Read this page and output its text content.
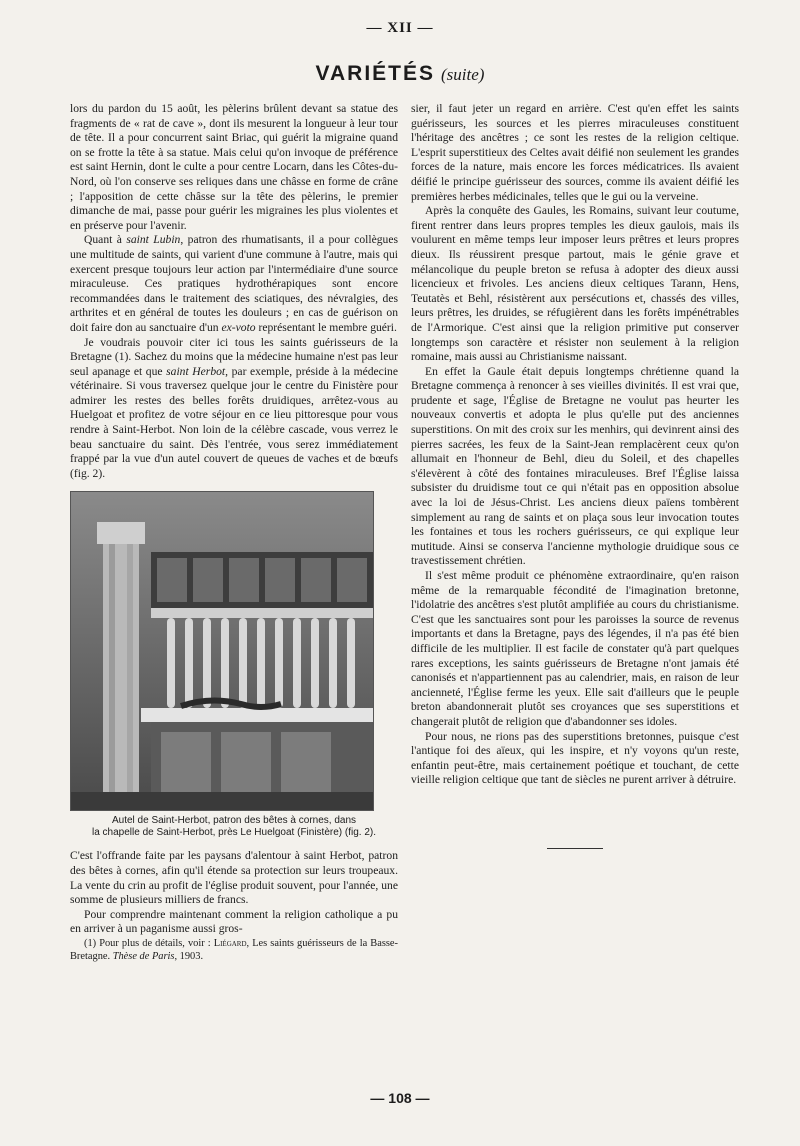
— XII —
VARIÉTÉS (suite)

lors du pardon du 15 août, les pèlerins brûlent devant sa statue des fragments de « rat de cave », dont ils mesurent la longueur à leur tour de tête. Il a pour concurrent saint Briac, qui guérit la migraine quand on se frotte la tête à sa statue. Mais celui qu'on invoque de préférence est saint Hernin, dont le culte a pour centre Locarn, dans les Côtes-du-Nord, où l'on conserve ses reliques dans une châsse en forme de crâne ; l'apposition de cette châsse sur la tête des pèlerins, le premier dimanche de mai, passe pour guérir les migraines les plus violentes et en préserve pour l'avenir.

Quant à saint Lubin, patron des rhumatisants, il a pour collègues une multitude de saints, qui varient d'une commune à l'autre, mais qui exercent presque toujours leur action par l'intermédiaire d'une source miraculeuse. Ces pratiques hydrothérapiques sont encore recommandées dans le traitement des sciatiques, des névralgies, des arthrites et en général de toutes les douleurs ; en cas de guérison on doit faire don au sanctuaire d'un ex-voto représentant le membre guéri.

Je voudrais pouvoir citer ici tous les saints guérisseurs de la Bretagne (1). Sachez du moins que la médecine humaine n'est pas leur seul apanage et que saint Herbot, par exemple, préside à la médecine vétérinaire. Si vous traversez quelque jour le centre du Finistère pour admirer les restes des belles forêts druidiques, arrêtez-vous au Huelgoat et profitez de votre séjour en ce lieu pittoresque pour vous rendre à Saint-Herbot. Non loin de la célèbre cascade, vous verrez le beau sanctuaire du saint. Dès l'entrée, vous serez immédiatement frappé par la vue d'un autel couvert de queues de vaches et de bœufs (fig. 2).

Autel de Saint-Herbot, patron des bêtes à cornes, dans
la chapelle de Saint-Herbot, près Le Huelgoat (Finistère) (fig. 2).

C'est l'offrande faite par les paysans d'alentour à saint Herbot, patron des bêtes à cornes, afin qu'il étende sa protection sur leurs troupeaux. La vente du crin au profit de l'église produit souvent, pour l'année, une somme de plusieurs milliers de francs.

Pour comprendre maintenant comment la religion catholique a pu en arriver à un paganisme aussi gros-

(1) Pour plus de détails, voir : Liégard, Les saints guérisseurs de la Basse-Bretagne. Thèse de Paris, 1903.

sier, il faut jeter un regard en arrière. C'est qu'en effet les saints guérisseurs, les sources et les pierres miraculeuses constituent l'héritage des ancêtres ; ce sont les restes de la religion celtique. L'esprit superstitieux des Celtes avait déifié non seulement les grandes forces de la nature, mais encore les forces médicatrices. Ils avaient déifié le principe guérisseur des sources, comme ils avaient déifié les premières herbes médicinales, telles que le gui ou la verveine.

Après la conquête des Gaules, les Romains, suivant leur coutume, firent rentrer dans leurs propres temples les dieux gaulois, mais ils voulurent en même temps leur imposer leurs prêtres et leurs propres dieux. Ils réussirent presque partout, mais le génie grave et mélancolique du peuple breton se refusa à adopter des dieux aussi licencieux et frivoles. Les anciens dieux celtiques Tarann, Hens, Teutatès et Behl, résistèrent aux persécutions et, chassés des villes, leurs prêtres, les druides, se réfugièrent dans les forêts impénétrables de l'Armorique. C'est ainsi que la religion primitive put conserver longtemps son caractère et résister non seulement à la religion romaine, mais aussi au Christianisme naissant.

En effet la Gaule était depuis longtemps chrétienne quand la Bretagne commença à renoncer à ses vieilles divinités. Il est vrai que, prudente et sage, l'Église de Bretagne ne voulut pas heurter les nouveaux convertis et adopta le plus qu'elle put des anciennes superstitions. On mit des croix sur les menhirs, qui devinrent ainsi des pierres sacrées, les feux de la Saint-Jean remplacèrent ceux qu'on allumait en l'honneur de Behl, dieu du Soleil, et des chapelles s'élevèrent à côté des fontaines miraculeuses. Bref l'Église laissa subsister du druidisme tout ce qui n'était pas en opposition absolue avec la loi de Jésus-Christ. Les anciens dieux païens tombèrent simplement au rang de saints et on plaça sous leur invocation toutes les fontaines et tous les rochers guérisseurs, ce qui explique leur mutitude. Ainsi se conserva l'ancienne mythologie druidique sous ce travestissement chrétien.

Il s'est même produit ce phénomène extraordinaire, qu'en raison même de la remarquable fécondité de l'imagination bretonne, l'idolatrie des ancêtres s'est plutôt amplifiée au cours du christianisme. C'est que les sanctuaires sont pour les paroisses la source de revenus importants et dans la Bretagne, pays des légendes, il n'a pas été bien difficile de les multiplier. Il est facile de constater qu'à part quelques rares exceptions, les saints guérisseurs de Bretagne n'ont jamais été canonisés et n'appartiennent pas au calendrier, mais, en raison de leur ancienneté, l'Église ferme les yeux. Elle sait d'ailleurs que le peuple breton abandonnerait plutôt ses croyances que ses superstitions et changerait plutôt de religion que d'abandonner ses idoles.

Pour nous, ne rions pas des superstitions bretonnes, puisque c'est l'antique foi des aïeux, qui les inspire, et n'y voyons qu'un reste, enfantin peut-être, mais certainement poétique et touchant, de cette vieille religion celtique que tant de siècles ne purent arriver à détruire.

— 108 —
